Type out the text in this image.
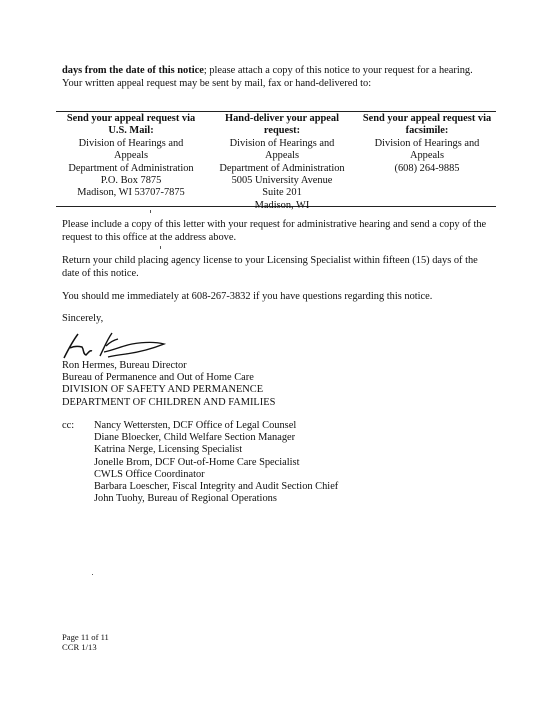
days from the date of this notice; please attach a copy of this notice to your request for a hearing.
Your written appeal request may be sent by mail, fax or hand-delivered to:
Send your appeal request via
U.S. Mail:
Division of Hearings and
Appeals
Department of Administration
P.O. Box 7875
Madison, WI 53707-7875
Hand-deliver your appeal
request:
Division of Hearings and
Appeals
Department of Administration
5005 University Avenue
Suite 201
Madison, WI
Send your appeal request via
facsimile:
Division of Hearings and
Appeals
(608) 264-9885
Please include a copy of this letter with your request for administrative hearing and send a copy of the request to this office at the address above.
Return your child placing agency license to your Licensing Specialist within fifteen (15) days of the date of this notice.
You should me immediately at 608-267-3832 if you have questions regarding this notice.
Sincerely,
Ron Hermes, Bureau Director
Bureau of Permanence and Out of Home Care
DIVISION OF SAFETY AND PERMANENCE
DEPARTMENT OF CHILDREN AND FAMILIES
cc: Nancy Wettersten, DCF Office of Legal Counsel
Diane Bloecker, Child Welfare Section Manager
Katrina Nerge, Licensing Specialist
Jonelle Brom, DCF Out-of-Home Care Specialist
CWLS Office Coordinator
Barbara Loescher, Fiscal Integrity and Audit Section Chief
John Tuohy, Bureau of Regional Operations
Page 11 of 11
CCR 1/13
